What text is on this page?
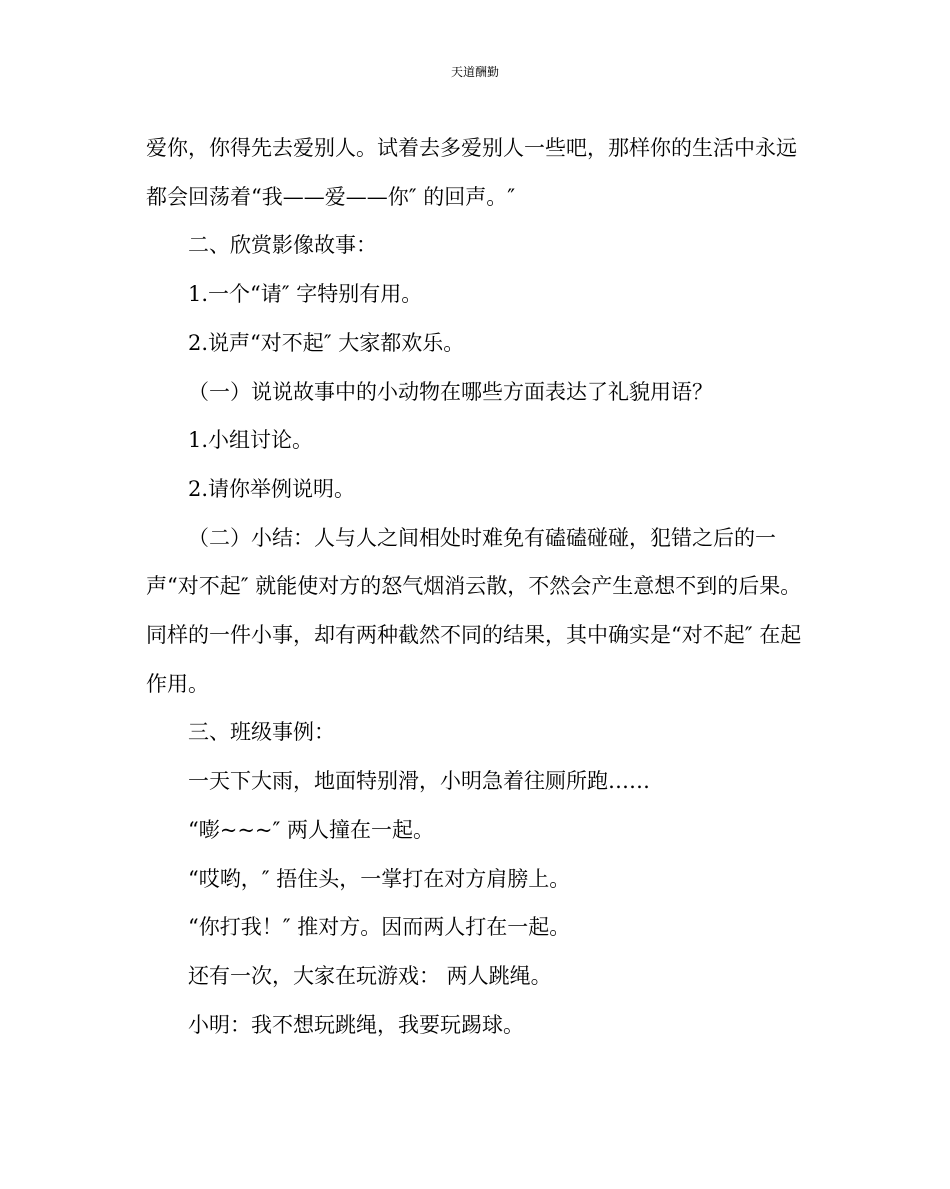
天道酬勤

爱你，你得先去爱别人。试着去多爱别人一些吧，那样你的生活中永远都会回荡着“我——爱——你″ 的回声。″

二、欣赏影像故事：

1.一个“请″ 字特别有用。

2.说声“对不起″ 大家都欢乐。

（一）说说故事中的小动物在哪些方面表达了礼貌用语？

1.小组讨论。

2.请你举例说明。

（二）小结：人与人之间相处时难免有磕磕碰碰，犯错之后的一声“对不起″ 就能使对方的怒气烟消云散，不然会产生意想不到的后果。同样的一件小事，却有两种截然不同的结果，其中确实是“对不起″ 在起作用。

三、班级事例：

一天下大雨，地面特别滑，小明急着往厕所跑……

“嘭~~~″ 两人撞在一起。

“哎哟，″ 捂住头，一掌打在对方肩膀上。

“你打我！″ 推对方。因而两人打在一起。

还有一次，大家在玩游戏： 两人跳绳。

小明：我不想玩跳绳，我要玩踢球。
